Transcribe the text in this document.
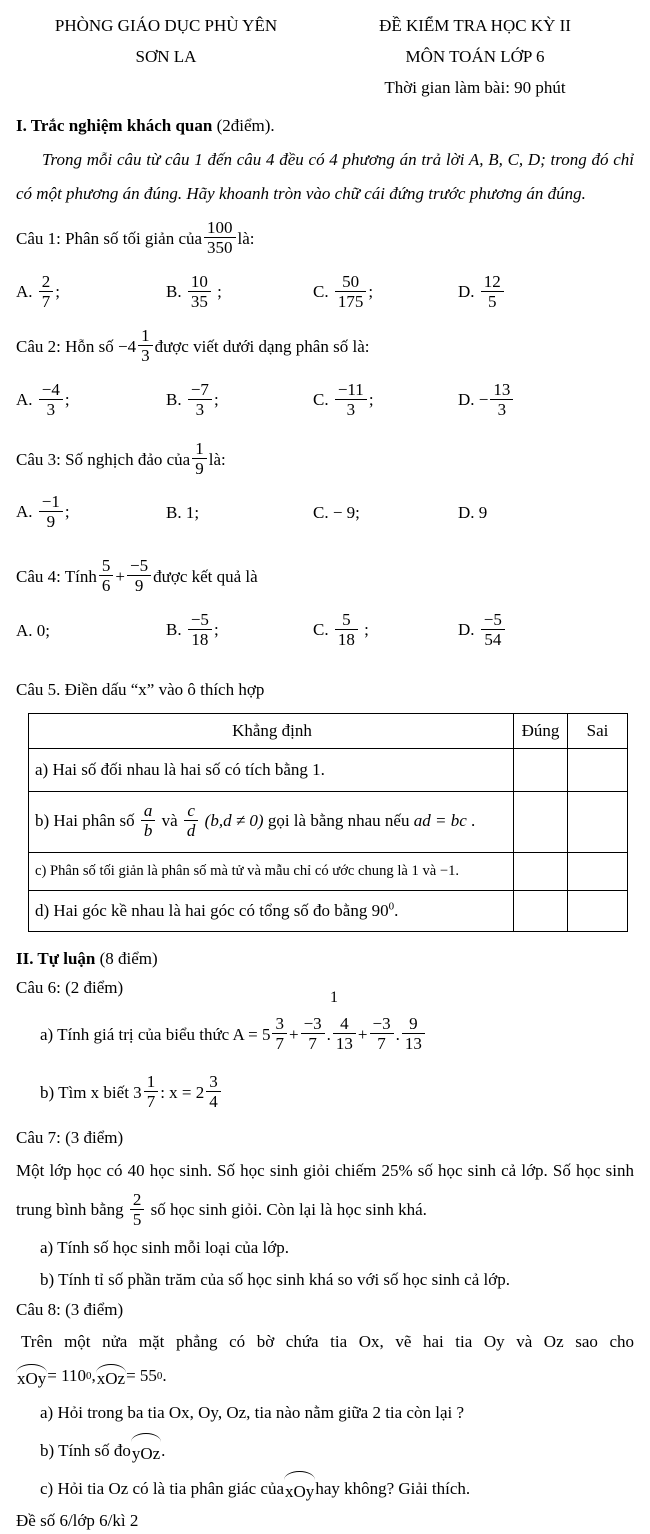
PHÒNG GIÁO DỤC PHÙ YÊN
SƠN LA
ĐỀ KIỂM TRA HỌC KỲ II
MÔN TOÁN LỚP 6
Thời gian làm bài: 90 phút
I. Trắc nghiệm khách quan (2điểm).

Trong mỗi câu từ câu 1 đến câu 4 đều có 4 phương án trả lời A, B, C, D; trong đó chỉ có một phương án đúng. Hãy khoanh tròn vào chữ cái đứng trước phương án đúng.

Câu 1: Phân số tối giản của $\frac{100}{350}$ là:
A. $\frac{2}{7}$ ;	B. $\frac{10}{35}$ ;	C. $\frac{50}{175}$ ;	D. $\frac{12}{5}$
Câu 2: Hỗn số $-4 \frac{1}{3}$ được viết dưới dạng phân số là:
A. $\frac{-4}{3}$ ;	B. $\frac{-7}{3}$ ;	C. $\frac{-11}{3}$ ;	D. − $\frac{13}{3}$
Câu 3: Số nghịch đảo của $\frac{1}{9}$ là:
A. $\frac{-1}{9}$ ;	B. 1;	C. − 9;	D. 9
Câu 4: Tính $\frac{5}{6} + \frac{-5}{9}$ được kết quả là
A. 0;	B. $\frac{-5}{18}$ ;	C. $\frac{5}{18}$ ;	D. $\frac{-5}{54}$
Câu 5. Điền dấu “x” vào ô thích hợp
Khẳng định	Đúng	Sai
a) Hai số đối nhau là hai số có tích bằng 1.		
b) Hai phân số $\frac{a}{b}$ và $\frac{c}{d} (b,d \ne 0)$ gọi là bằng nhau nếu ad = bc .		
c) Phân số tối giản là phân số mà tử và mẫu chỉ có ước chung là 1 và −1.		
d) Hai góc kề nhau là hai góc có tổng số đo bằng $90^0$.		
II. Tự luận (8 điểm)
Câu 6: (2 điểm)
1
a) Tính giá trị của biểu thức $A = 5 \frac{3}{7} + \frac{-3}{7}$ . $\frac{4}{13} + \frac{-3}{7}$ . $\frac{9}{13}$
b) Tìm x biết $3 \frac{1}{7}$ : $x = 2 \frac{3}{4}$
Câu 7: (3 điểm)

Một lớp học có 40 học sinh. Số học sinh giỏi chiếm 25% số học sinh cả lớp. Số học sinh trung bình bằng $\frac{2}{5}$ số học sinh giỏi. Còn lại là học sinh khá.

a) Tính số học sinh mỗi loại của lớp.
b) Tính tỉ số phần trăm của số học sinh khá so với số học sinh cả lớp.
Câu 8: (3 điểm)
Trên một nửa mặt phẳng có bờ chứa tia Ox, vẽ hai tia Oy và Oz sao cho
xOy = 110 0 , xOz = 55 0 .
a) Hỏi trong ba tia Ox, Oy, Oz, tia nào nằm giữa 2 tia còn lại ?
b) Tính số đo yOz .
c) Hỏi tia Oz có là tia phân giác của xOy hay không? Giải thích.
Đề số 6/lớp 6/kì 2
